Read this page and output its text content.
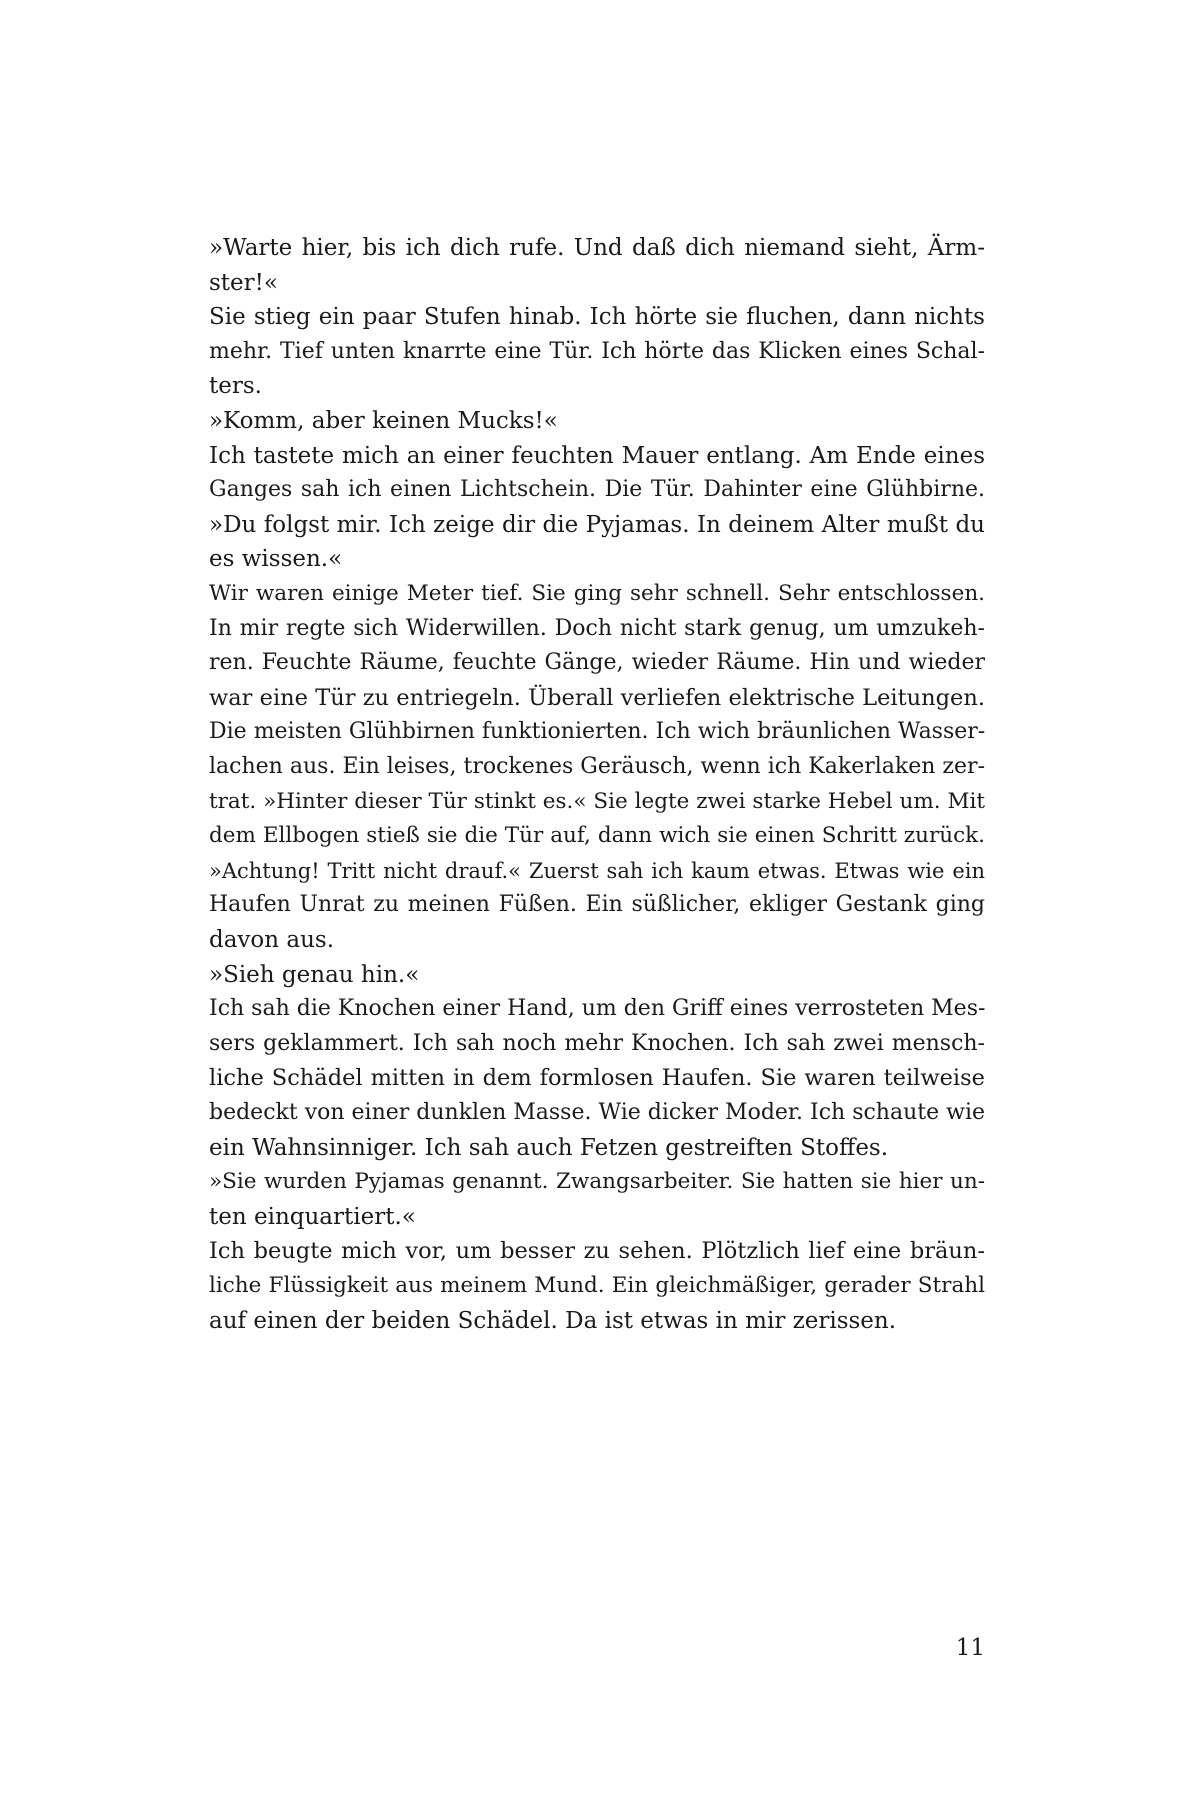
»Warte hier, bis ich dich rufe. Und daß dich niemand sieht, Ärm-
ster!«
Sie stieg ein paar Stufen hinab. Ich hörte sie fluchen, dann nichts
mehr. Tief unten knarrte eine Tür. Ich hörte das Klicken eines Schal-
ters.
»Komm, aber keinen Mucks!«
Ich tastete mich an einer feuchten Mauer entlang. Am Ende eines
Ganges sah ich einen Lichtschein. Die Tür. Dahinter eine Glühbirne.
»Du folgst mir. Ich zeige dir die Pyjamas. In deinem Alter mußt du
es wissen.«
Wir waren einige Meter tief. Sie ging sehr schnell. Sehr entschlossen.
In mir regte sich Widerwillen. Doch nicht stark genug, um umzukeh-
ren. Feuchte Räume, feuchte Gänge, wieder Räume. Hin und wieder
war eine Tür zu entriegeln. Überall verliefen elektrische Leitungen.
Die meisten Glühbirnen funktionierten. Ich wich bräunlichen Wasser-
lachen aus. Ein leises, trockenes Geräusch, wenn ich Kakerlaken zer-
trat. »Hinter dieser Tür stinkt es.« Sie legte zwei starke Hebel um. Mit
dem Ellbogen stieß sie die Tür auf, dann wich sie einen Schritt zurück.
»Achtung! Tritt nicht drauf.« Zuerst sah ich kaum etwas. Etwas wie ein
Haufen Unrat zu meinen Füßen. Ein süßlicher, ekliger Gestank ging
davon aus.
»Sieh genau hin.«
Ich sah die Knochen einer Hand, um den Griff eines verrosteten Mes-
sers geklammert. Ich sah noch mehr Knochen. Ich sah zwei mensch-
liche Schädel mitten in dem formlosen Haufen. Sie waren teilweise
bedeckt von einer dunklen Masse. Wie dicker Moder. Ich schaute wie
ein Wahnsinniger. Ich sah auch Fetzen gestreiften Stoffes.
»Sie wurden Pyjamas genannt. Zwangsarbeiter. Sie hatten sie hier un-
ten einquartiert.«
Ich beugte mich vor, um besser zu sehen. Plötzlich lief eine bräun-
liche Flüssigkeit aus meinem Mund. Ein gleichmäßiger, gerader Strahl
auf einen der beiden Schädel. Da ist etwas in mir zerissen.
11
